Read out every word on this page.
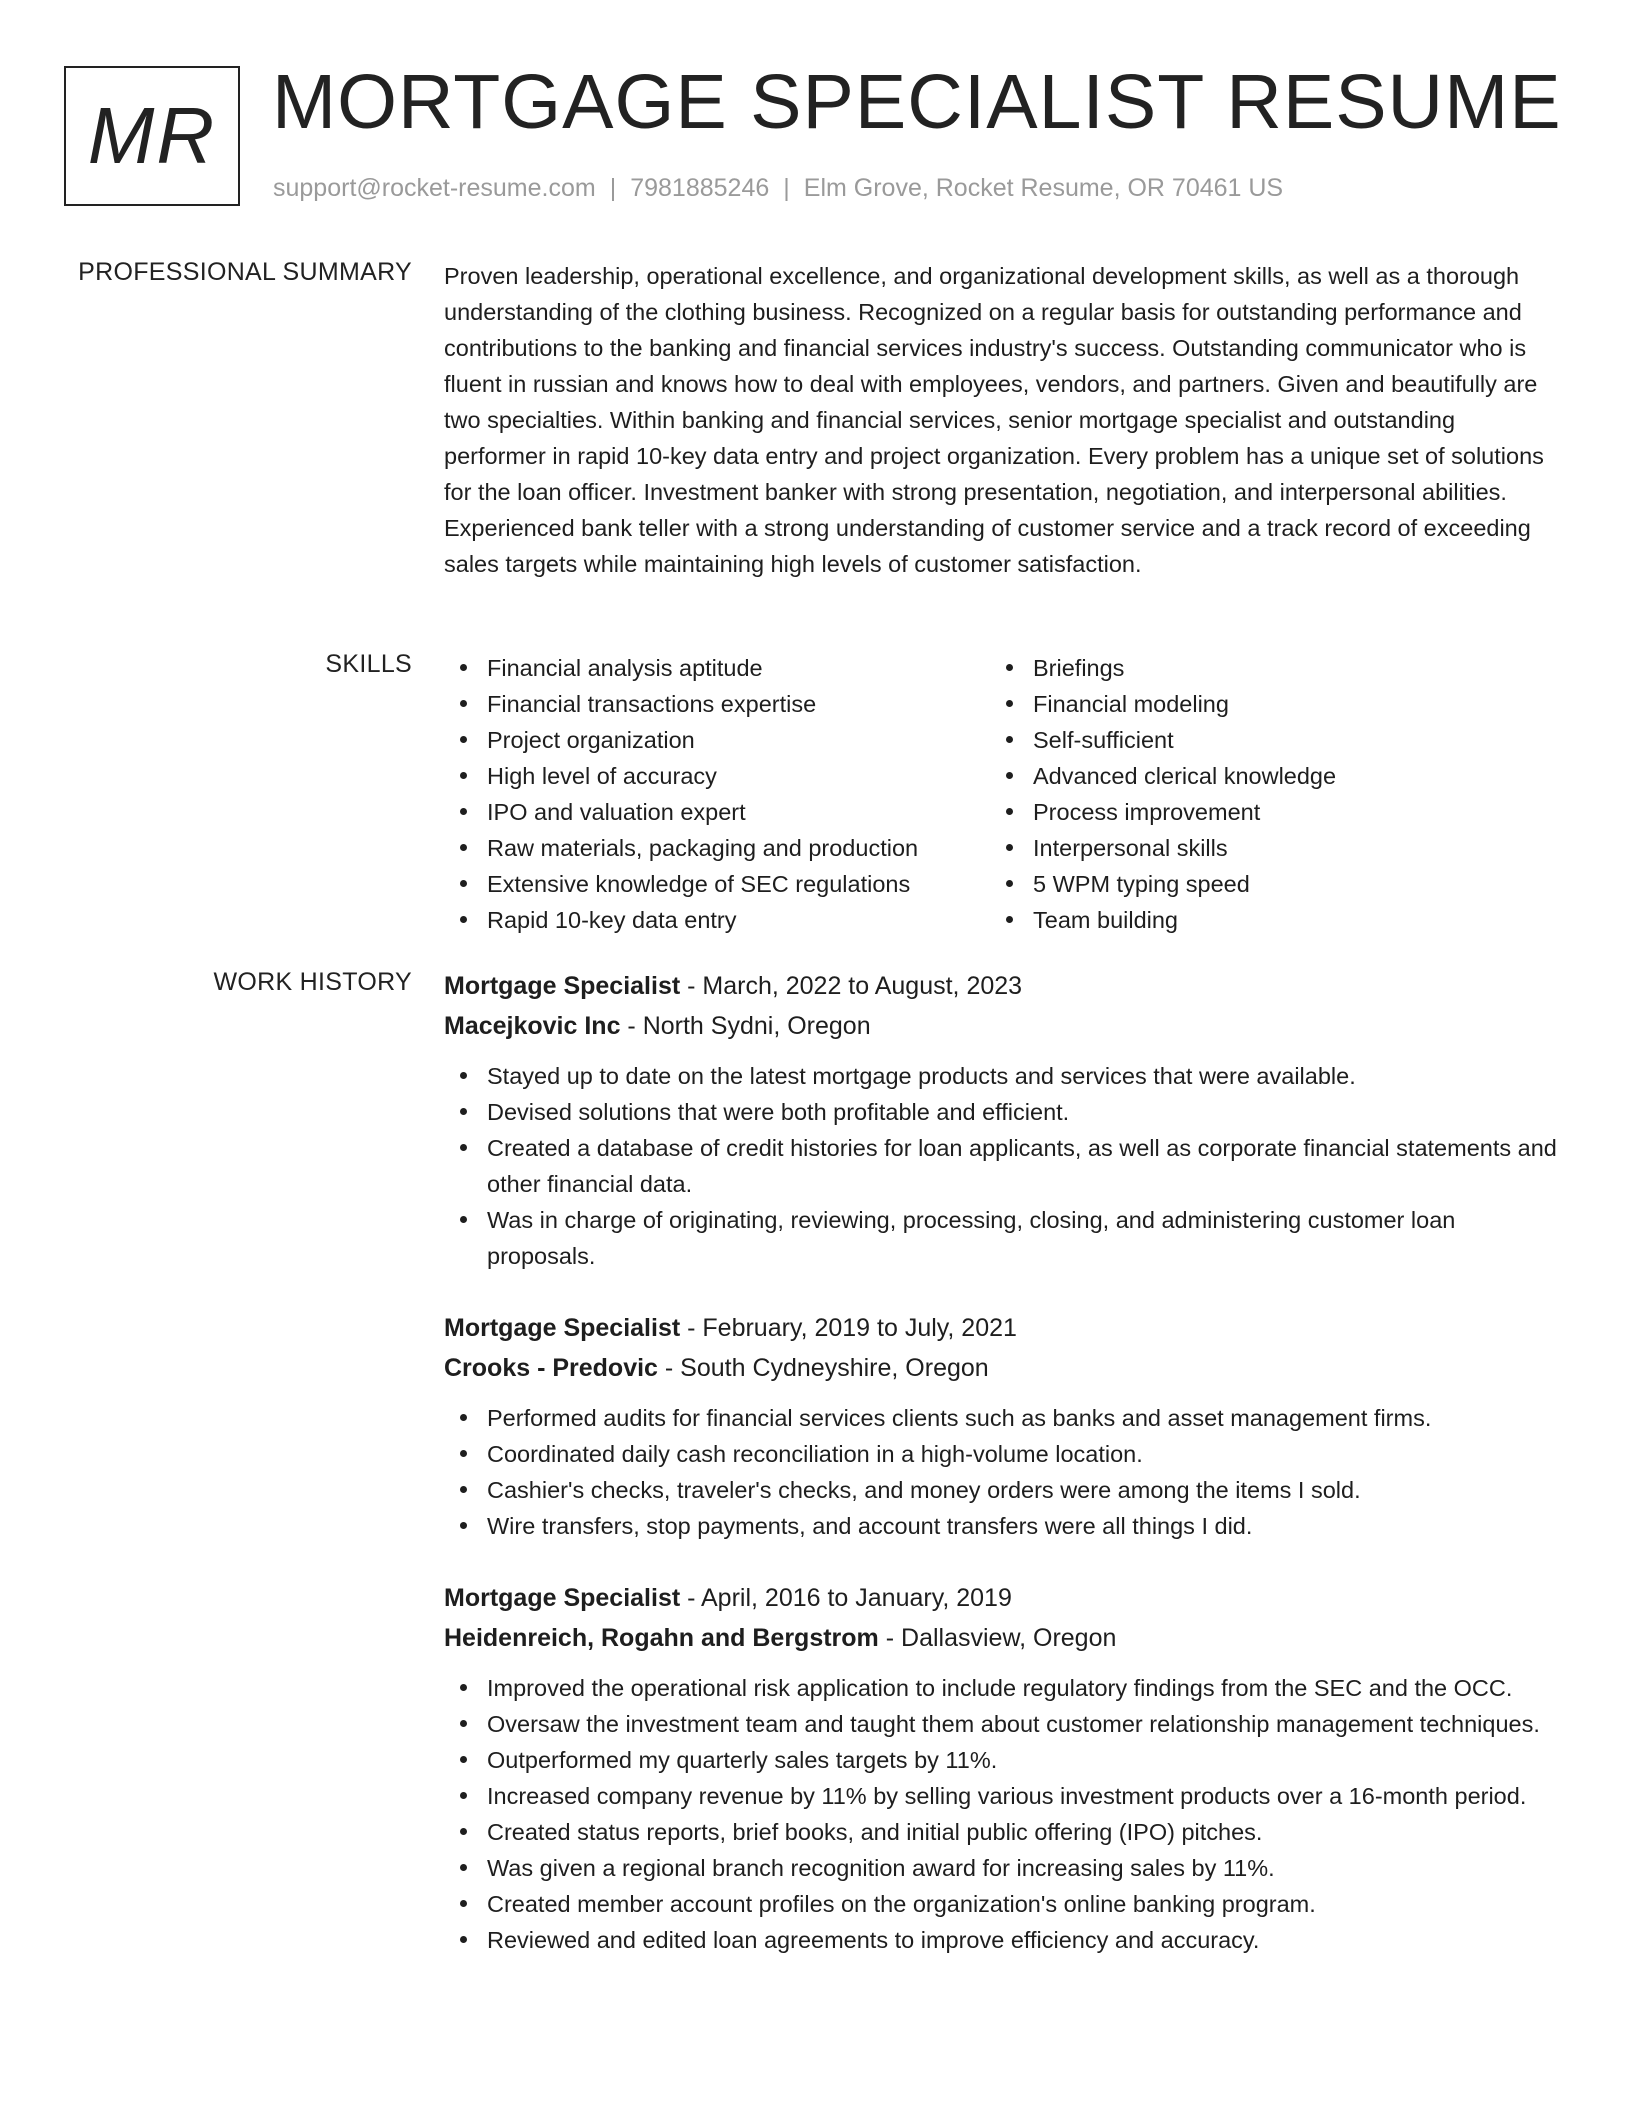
MR MORTGAGE SPECIALIST RESUME
support@rocket-resume.com | 7981885246 | Elm Grove, Rocket Resume, OR 70461 US
PROFESSIONAL SUMMARY Proven leadership, operational excellence, and organizational development skills, as well as a thorough understanding of the clothing business. Recognized on a regular basis for outstanding performance and contributions to the banking and financial services industry's success. Outstanding communicator who is fluent in russian and knows how to deal with employees, vendors, and partners. Given and beautifully are two specialties. Within banking and financial services, senior mortgage specialist and outstanding performer in rapid 10-key data entry and project organization. Every problem has a unique set of solutions for the loan officer. Investment banker with strong presentation, negotiation, and interpersonal abilities. Experienced bank teller with a strong understanding of customer service and a track record of exceeding sales targets while maintaining high levels of customer satisfaction.

SKILLS	Financial analysis aptitude
Financial transactions expertise
Project organization
High level of accuracy
IPO and valuation expert
Raw materials, packaging and production
Extensive knowledge of SEC regulations
Rapid 10-key data entry
Briefings
Financial modeling
Self-sufficient
Advanced clerical knowledge
Process improvement
Interpersonal skills
5 WPM typing speed
Team building
WORK HISTORY Mortgage Specialist - March, 2022 to August, 2023
Macejkovic Inc - North Sydni, Oregon
Stayed up to date on the latest mortgage products and services that were available.
Devised solutions that were both profitable and efficient.
Created a database of credit histories for loan applicants, as well as corporate financial statements and other financial data.
Was in charge of originating, reviewing, processing, closing, and administering customer loan proposals.
Mortgage Specialist - February, 2019 to July, 2021
Crooks - Predovic - South Cydneyshire, Oregon
Performed audits for financial services clients such as banks and asset management firms.
Coordinated daily cash reconciliation in a high-volume location.
Cashier's checks, traveler's checks, and money orders were among the items I sold.
Wire transfers, stop payments, and account transfers were all things I did.
Mortgage Specialist - April, 2016 to January, 2019
Heidenreich, Rogahn and Bergstrom - Dallasview, Oregon
Improved the operational risk application to include regulatory findings from the SEC and the OCC.
Oversaw the investment team and taught them about customer relationship management techniques.
Outperformed my quarterly sales targets by 11%.
Increased company revenue by 11% by selling various investment products over a 16-month period.
Created status reports, brief books, and initial public offering (IPO) pitches.
Was given a regional branch recognition award for increasing sales by 11%.
Created member account profiles on the organization's online banking program.
Reviewed and edited loan agreements to improve efficiency and accuracy.
